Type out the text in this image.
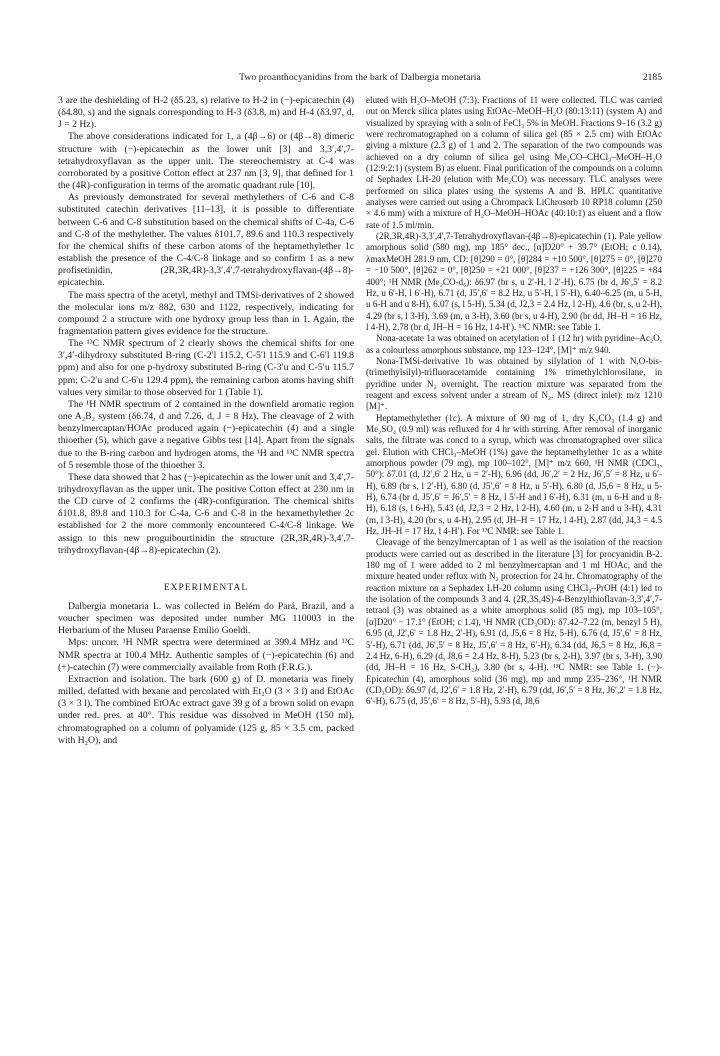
Two proanthocyanidins from the bark of Dalbergia monetaria	2185

3 are the deshielding of H-2 (δ5.23, s) relative to H-2 in (−)-epicatechin (4) (δ4.80, s) and the signals corresponding to H-3 (δ3.8, m) and H-4 (δ3.97, d, J = 2 Hz).

The above considerations indicated for 1, a (4β→6) or (4β→8) dimeric structure with (−)-epicatechin as the lower unit [3] and 3,3′,4′,7-tetrahydroxyflavan as the upper unit. The stereochemistry at C-4 was corroborated by a positive Cotton effect at 237 nm [3, 9], that defined for 1 the (4R)-configuration in terms of the aromatic quadrant rule [10].

As previously demonstrated for several methylethers of C-6 and C-8 substituted catechin derivatives [11–13], it is possible to differentiate between C-6 and C-8 substitution based on the chemical shifts of C-4a, C-6 and C-8 of the methylether. The values δ101.7, 89.6 and 110.3 respectively for the chemical shifts of these carbon atoms of the heptamethylether 1c establish the presence of the C-4/C-8 linkage and so confirm 1 as a new profisetinidin, (2R,3R,4R)-3,3′,4′,7-tetrahydroxyflavan-(4β→8)-epicatechin.

The mass spectra of the acetyl, methyl and TMSi-derivatives of 2 showed the molecular ions m/z 882, 630 and 1122, respectively, indicating for compound 2 a structure with one hydroxy group less than in 1. Again, the fragmentation pattern gives evidence for the structure.

The ¹³C NMR spectrum of 2 clearly shows the chemical shifts for one 3′,4′-dihydroxy substituted B-ring (C-2′l 115.2, C-5′l 115.9 and C-6′l 119.8 ppm) and also for one p-hydroxy substituted B-ring (C-3′u and C-5′u 115.7 ppm; C-2′u and C-6′u 129.4 ppm), the remaining carbon atoms having shift values very similar to those observed for 1 (Table 1).

The ¹H NMR spectrum of 2 contained in the downfield aromatic region one A₂B₂ system (δ6.74, d and 7.26, d, J = 8 Hz). The cleavage of 2 with benzylmercaptan/HOAc produced again (−)-epicatechin (4) and a single thioether (5), which gave a negative Gibbs test [14]. Apart from the signals due to the B-ring carbon and hydrogen atoms, the ¹H and ¹³C NMR spectra of 5 resemble those of the thioether 3.

These data showed that 2 has (−)-epicatechin as the lower unit and 3,4′,7-trihydroxyflavan as the upper unit. The positive Cotton effect at 230 nm in the CD curve of 2 confirms the (4R)-configuration. The chemical shifts δ101.8, 89.8 and 110.3 for C-4a, C-6 and C-8 in the hexamethylether 2c established for 2 the more commonly encountered C-4/C-8 linkage. We assign to this new proguibourtinidin the structure (2R,3R,4R)-3,4′,7-trihydroxyflavan-(4β→8)-epicatechin (2).

EXPERIMENTAL

Dalbergia monetaria L. was collected in Belém do Pará, Brazil, and a voucher specimen was deposited under number MG 110003 in the Herbarium of the Museu Paraense Emilio Goeldi.

Mps: uncorr. ¹H NMR spectra were determined at 399.4 MHz and ¹³C NMR spectra at 100.4 MHz. Authentic samples of (−)-epicatechin (6) and (+)-catechin (7) were commercially available from Roth (F.R.G.).

Extraction and isolation. The bark (600 g) of D. monetaria was finely milled, defatted with hexane and percolated with Et₂O (3 × 3 l) and EtOAc (3 × 3 l). The combined EtOAc extract gave 39 g of a brown solid on evapn under red. pres. at 40°. This residue was dissolved in MeOH (150 ml), chromatographed on a column of polyamide (125 g, 85 × 3.5 cm, packed with H₂O), and

eluted with H₂O–MeOH (7:3). Fractions of 11 were collected. TLC was carried out on Merck silica plates using EtOAc–MeOH–H₂O (80:13:11) (system A) and visualized by spraying with a soln of FeCl₃ 5% in MeOH. Fractions 9–16 (3.2 g) were rechromatographed on a column of silica gel (85 × 2.5 cm) with EtOAc giving a mixture (2.3 g) of 1 and 2. The separation of the two compounds was achieved on a dry column of silica gel using Me₂CO–CHCl₃–MeOH–H₂O (12:9:2:1) (system B) as eluent. Final purification of the compounds on a column of Sephadex LH-20 (elution with Me₂CO) was necessary. TLC analyses were performed on silica plates using the systems A and B. HPLC quantitative analyses were carried out using a Chrompack LiChrosorb 10 RP18 column (250 × 4.6 mm) with a mixture of H₂O–MeOH–HOAc (40:10:1) as eluent and a flow rate of 1.5 ml/min.

(2R,3R,4R)-3,3′,4′,7-Tetrahydroxyflavan-(4β→8)-epicatechin (1). Pale yellow amorphous solid (580 mg), mp 185° dec., [α]D20° + 39.7° (EtOH; c 0.14), λmaxMeOH 281.9 nm, CD: [θ]290 = 0°, [θ]284 = +10 500°, [θ]275 = 0°, [θ]270 = −10 500°, [θ]262 = 0°, [θ]250 = +21 000°, [θ]237 = +126 300°, [θ]225 = +84 400°; ¹H NMR (Me₂CO-d₆): δ6.97 (br s, u 2′-H, l 2′-H), 6.75 (br d, J6′,5′ = 8.2 Hz, u 6′-H, l 6′-H), 6.71 (d, J5′,6′ = 8.2 Hz, u 5′-H, l 5′-H), 6.40–6.25 (m, u 5-H, u 6-H and u 8-H), 6.07 (s, l 5-H), 5.34 (d, J2,3 = 2.4 Hz, l 2-H), 4.6 (br, s, u 2-H), 4.29 (br s, l 3-H), 3.69 (m, u 3-H), 3.60 (br s, u 4-H), 2.90 (br dd, JH–H = 16 Hz, l 4-H), 2.78 (br d, JH–H = 16 Hz, l 4-H′). ¹³C NMR: see Table 1.

Nona-acetate 1a was obtained on acetylation of 1 (12 hr) with pyridine–Ac₂O, as a colourless amorphous substance, mp 123–124°, [M]⁺ m/z 940.

Nona-TMSi-derivative 1b was obtained by silylation of 1 with N,O-bis-(trimethylsilyl)-trifluoracetamide containing 1% trimethylchlorosilane, in pyridine under N₂ overnight. The reaction mixture was separated from the reagent and excess solvent under a stream of N₂. MS (direct inlet): m/z 1210 [M]⁺.

Heptamethylether (1c). A mixture of 90 mg of 1, dry K₂CO₃ (1.4 g) and Me₂SO₄ (0.9 ml) was refluxed for 4 hr with stirring. After removal of inorganic salts, the filtrate was concd to a syrup, which was chromatographed over silica gel. Elution with CHCl₃–MeOH (1%) gave the heptamethylether 1c as a white amorphous powder (79 mg), mp 100–102°, [M]⁺ m/z 660, ¹H NMR (CDCl₃, 50°): δ7.01 (d, J2′,6′ 2 Hz, u = 2′-H), 6.96 (dd, J6′,2′ = 2 Hz, J6′,5′ = 8 Hz, u 6′-H), 6.89 (br s, l 2′-H), 6.80 (d, J5′,6′ = 8 Hz, u 5′-H), 6.80 (d, J5,6 = 8 Hz, u 5-H), 6.74 (br d, J5′,6′ = J6′,5′ = 8 Hz, l 5′-H and l 6′-H), 6.31 (m, u 6-H and u 8-H), 6.18 (s, l 6-H), 5.43 (d, J2,3 = 2 Hz, l 2-H), 4.60 (m, u 2-H and u 3-H), 4.31 (m, l 3-H), 4.20 (br s, u 4-H), 2.95 (d, JH–H = 17 Hz, l 4-H), 2.87 (dd, J4,3 = 4.5 Hz, JH–H = 17 Hz, l 4-H′). For ¹³C NMR: see Table 1.

Cleavage of the benzylmercaptan of 1 as well as the isolation of the reaction products were carried out as described in the literature [3] for procyanidin B-2. 180 mg of 1 were added to 2 ml benzylmercaptan and 1 ml HOAc, and the mixture heated under reflux with N₂ protection for 24 hr. Chromatography of the reaction mixture on a Sephadex LH-20 column using CHCl₃–PrOH (4:1) led to the isolation of the compounds 3 and 4. (2R,3S,4S)-4-Benzylthioflavan-3,3′,4′,7-tetraol (3) was obtained as a white amorphous solid (85 mg), mp 103–105°, [α]D20° − 17.1° (EtOH; c 1.4), ¹H NMR (CD₃OD): δ7.42–7.22 (m, benzyl 5 H), 6.95 (d, J2′,6′ = 1.8 Hz, 2′-H), 6.91 (d, J5,6 = 8 Hz, 5-H), 6.76 (d, J5′,6′ = 8 Hz, 5′-H), 6.71 (dd, J6′,5′ = 8 Hz, J5′,6′ = 8 Hz, 6′-H), 6.34 (dd, J6,5 = 8 Hz, J6,8 = 2.4 Hz, 6-H), 6.29 (d, J8,6 = 2.4 Hz, 8-H), 5.23 (br s, 2-H), 3.97 (br s, 3-H), 3.90 (dd, JH–H = 16 Hz, S-CH₂), 3.80 (br s, 4-H). ¹³C NMR: see Table 1. (−)-Epicatechin (4), amorphous solid (36 mg), mp and mmp 235–236°, ¹H NMR (CD₃OD): δ6.97 (d, J2′,6′ = 1.8 Hz, 2′-H), 6.79 (dd, J6′,5′ = 8 Hz, J6′,2′ = 1.8 Hz, 6′-H), 6.75 (d, J5′,6′ = 8 Hz, 5′-H), 5.93 (d, J8,6
